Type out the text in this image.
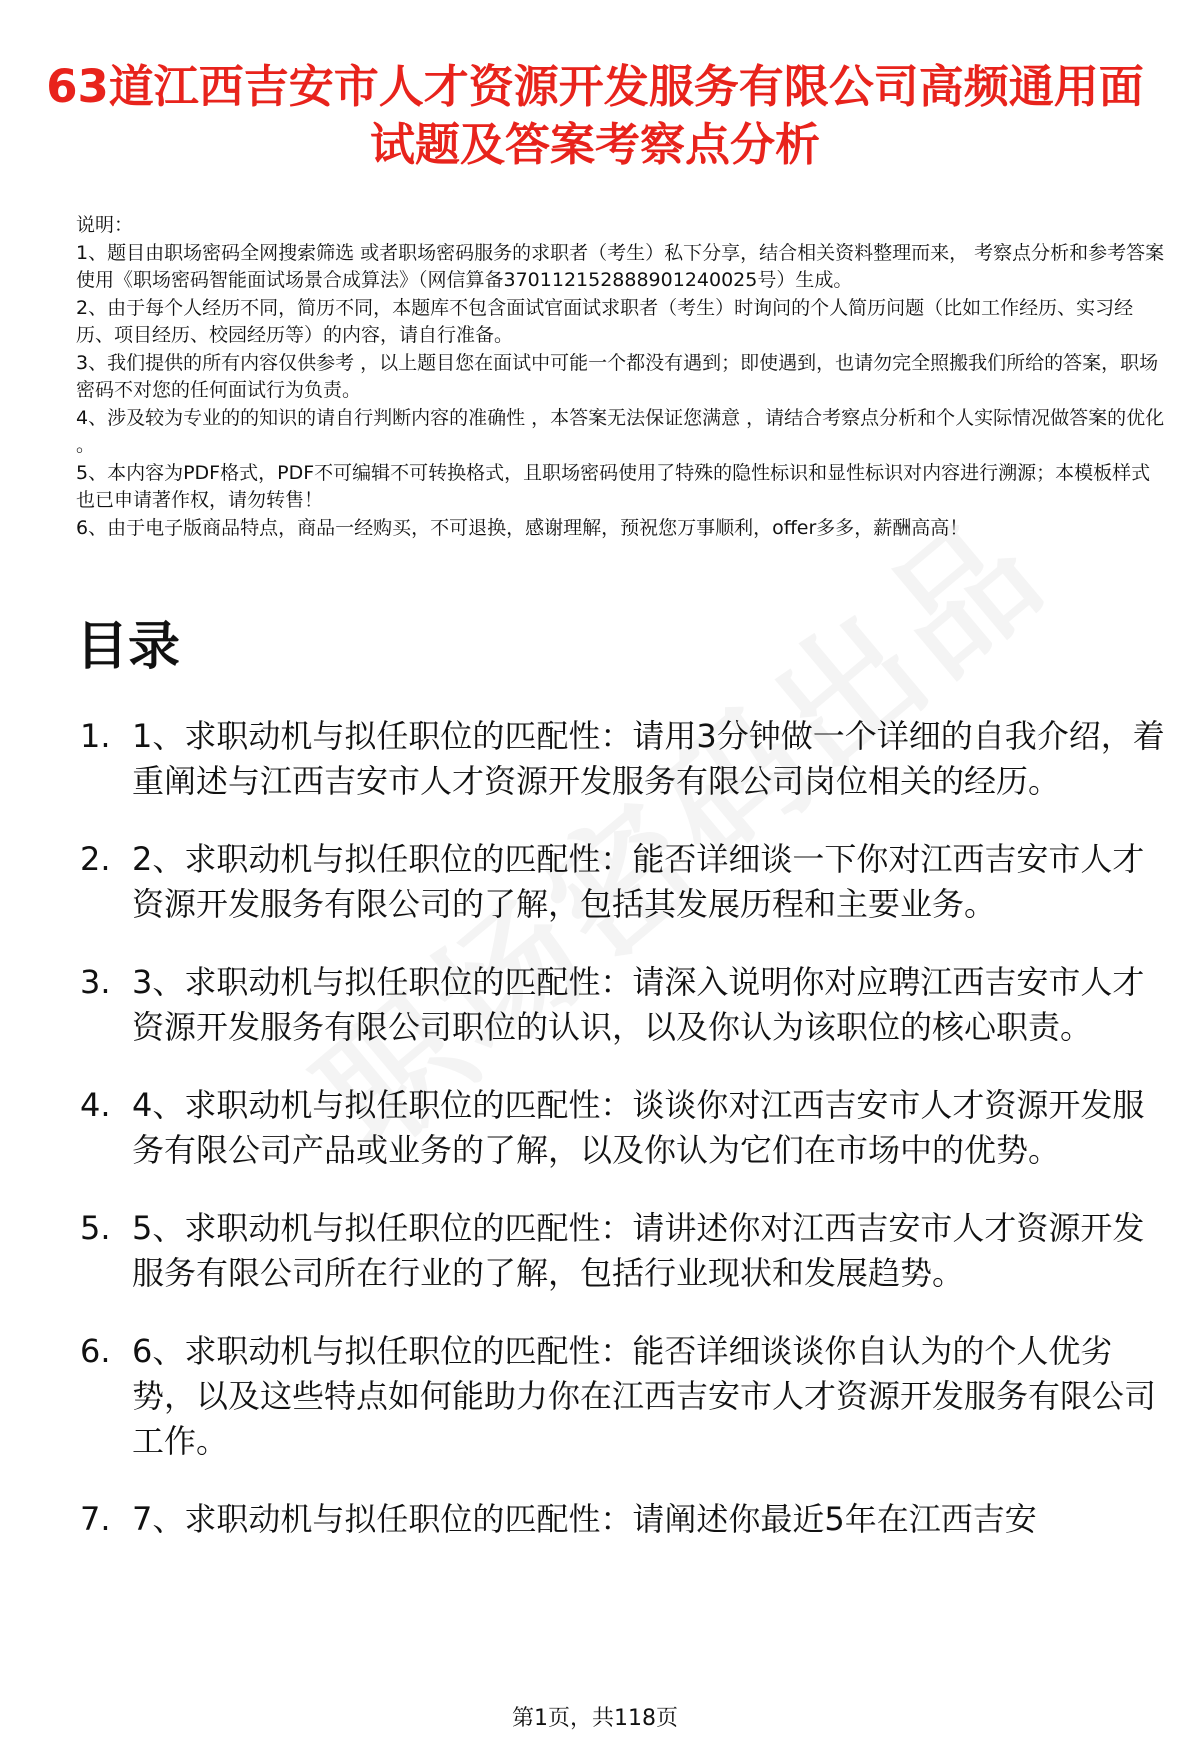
63道江西吉安市人才资源开发服务有限公司高频通用面试题及答案考察点分析

说明：

1、题目由职场密码全网搜索筛选 或者职场密码服务的求职者（考生）私下分享，结合相关资料整理而来， 考察点分析和参考答案使用《职场密码智能面试场景合成算法》（网信算备370112152888901240025号）生成。

2、由于每个人经历不同，简历不同，本题库不包含面试官面试求职者（考生）时询问的个人简历问题（比如工作经历、实习经历、项目经历、校园经历等）的内容，请自行准备。

3、我们提供的所有内容仅供参考 ，以上题目您在面试中可能一个都没有遇到；即使遇到，也请勿完全照搬我们所给的答案，职场密码不对您的任何面试行为负责。

4、涉及较为专业的的知识的请自行判断内容的准确性 ，本答案无法保证您满意 ，请结合考察点分析和个人实际情况做答案的优化 。

5、本内容为PDF格式，PDF不可编辑不可转换格式，且职场密码使用了特殊的隐性标识和显性标识对内容进行溯源；本模板样式也已申请著作权，请勿转售！

6、由于电子版商品特点，商品一经购买，不可退换，感谢理解，预祝您万事顺利，offer多多，薪酬高高！

目录
1. 1、求职动机与拟任职位的匹配性：请用3分钟做一个详细的自我介绍，着重阐述与江西吉安市人才资源开发服务有限公司岗位相关的经历。
2. 2、求职动机与拟任职位的匹配性：能否详细谈一下你对江西吉安市人才资源开发服务有限公司的了解，包括其发展历程和主要业务。
3. 3、求职动机与拟任职位的匹配性：请深入说明你对应聘江西吉安市人才资源开发服务有限公司职位的认识，以及你认为该职位的核心职责。
4. 4、求职动机与拟任职位的匹配性：谈谈你对江西吉安市人才资源开发服务有限公司产品或业务的了解，以及你认为它们在市场中的优势。
5. 5、求职动机与拟任职位的匹配性：请讲述你对江西吉安市人才资源开发服务有限公司所在行业的了解，包括行业现状和发展趋势。
6. 6、求职动机与拟任职位的匹配性：能否详细谈谈你自认为的个人优劣势，以及这些特点如何能助力你在江西吉安市人才资源开发服务有限公司工作。
7. 7、求职动机与拟任职位的匹配性：请阐述你最近5年在江西吉安
第1页，共118页
